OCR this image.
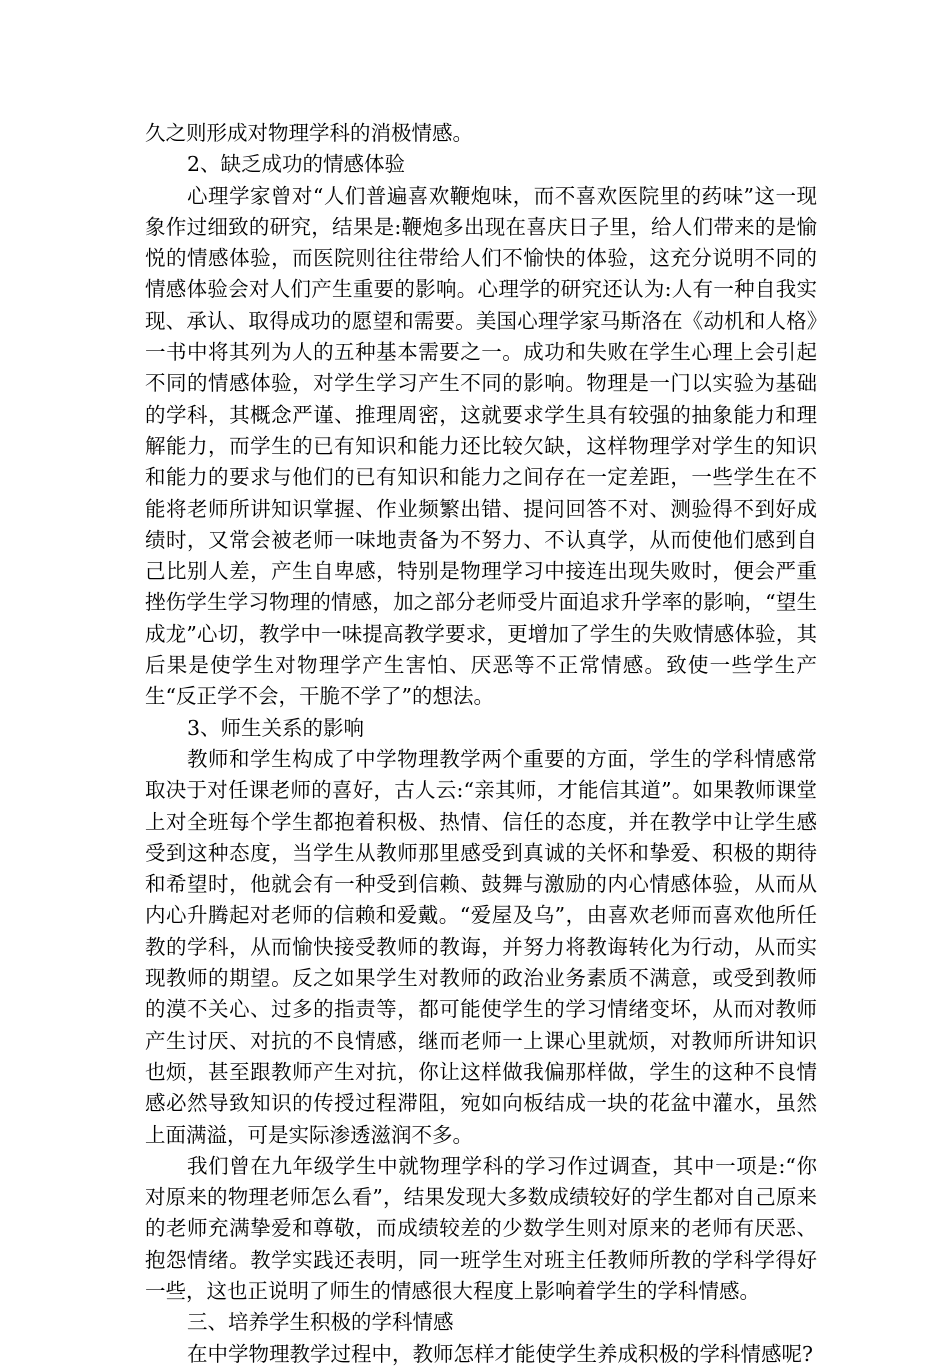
久之则形成对物理学科的消极情感。

2、缺乏成功的情感体验

心理学家曾对“人们普遍喜欢鞭炮味，而不喜欢医院里的药味”这一现象作过细致的研究，结果是:鞭炮多出现在喜庆日子里，给人们带来的是愉悦的情感体验，而医院则往往带给人们不愉快的体验，这充分说明不同的情感体验会对人们产生重要的影响。心理学的研究还认为:人有一种自我实现、承认、取得成功的愿望和需要。美国心理学家马斯洛在《动机和人格》一书中将其列为人的五种基本需要之一。成功和失败在学生心理上会引起不同的情感体验，对学生学习产生不同的影响。物理是一门以实验为基础的学科，其概念严谨、推理周密，这就要求学生具有较强的抽象能力和理解能力，而学生的已有知识和能力还比较欠缺，这样物理学对学生的知识和能力的要求与他们的已有知识和能力之间存在一定差距，一些学生在不能将老师所讲知识掌握、作业频繁出错、提问回答不对、测验得不到好成绩时，又常会被老师一味地责备为不努力、不认真学，从而使他们感到自己比别人差，产生自卑感，特别是物理学习中接连出现失败时，便会严重挫伤学生学习物理的情感，加之部分老师受片面追求升学率的影响，“望生成龙”心切，教学中一味提高教学要求，更增加了学生的失败情感体验，其后果是使学生对物理学产生害怕、厌恶等不正常情感。致使一些学生产生“反正学不会，干脆不学了”的想法。

3、师生关系的影响

教师和学生构成了中学物理教学两个重要的方面，学生的学科情感常取决于对任课老师的喜好，古人云:“亲其师，才能信其道”。如果教师课堂上对全班每个学生都抱着积极、热情、信任的态度，并在教学中让学生感受到这种态度，当学生从教师那里感受到真诚的关怀和挚爱、积极的期待和希望时，他就会有一种受到信赖、鼓舞与激励的内心情感体验，从而从内心升腾起对老师的信赖和爱戴。“爱屋及乌”，由喜欢老师而喜欢他所任教的学科，从而愉快接受教师的教诲，并努力将教诲转化为行动，从而实现教师的期望。反之如果学生对教师的政治业务素质不满意，或受到教师的漠不关心、过多的指责等，都可能使学生的学习情绪变坏，从而对教师产生讨厌、对抗的不良情感，继而老师一上课心里就烦，对教师所讲知识也烦，甚至跟教师产生对抗，你让这样做我偏那样做，学生的这种不良情感必然导致知识的传授过程滞阻，宛如向板结成一块的花盆中灌水，虽然上面满溢，可是实际渗透滋润不多。

我们曾在九年级学生中就物理学科的学习作过调查，其中一项是:“你对原来的物理老师怎么看”，结果发现大多数成绩较好的学生都对自己原来的老师充满挚爱和尊敬，而成绩较差的少数学生则对原来的老师有厌恶、抱怨情绪。教学实践还表明，同一班学生对班主任教师所教的学科学得好一些，这也正说明了师生的情感很大程度上影响着学生的学科情感。

三、培养学生积极的学科情感

在中学物理教学过程中，教师怎样才能使学生养成积极的学科情感呢?
